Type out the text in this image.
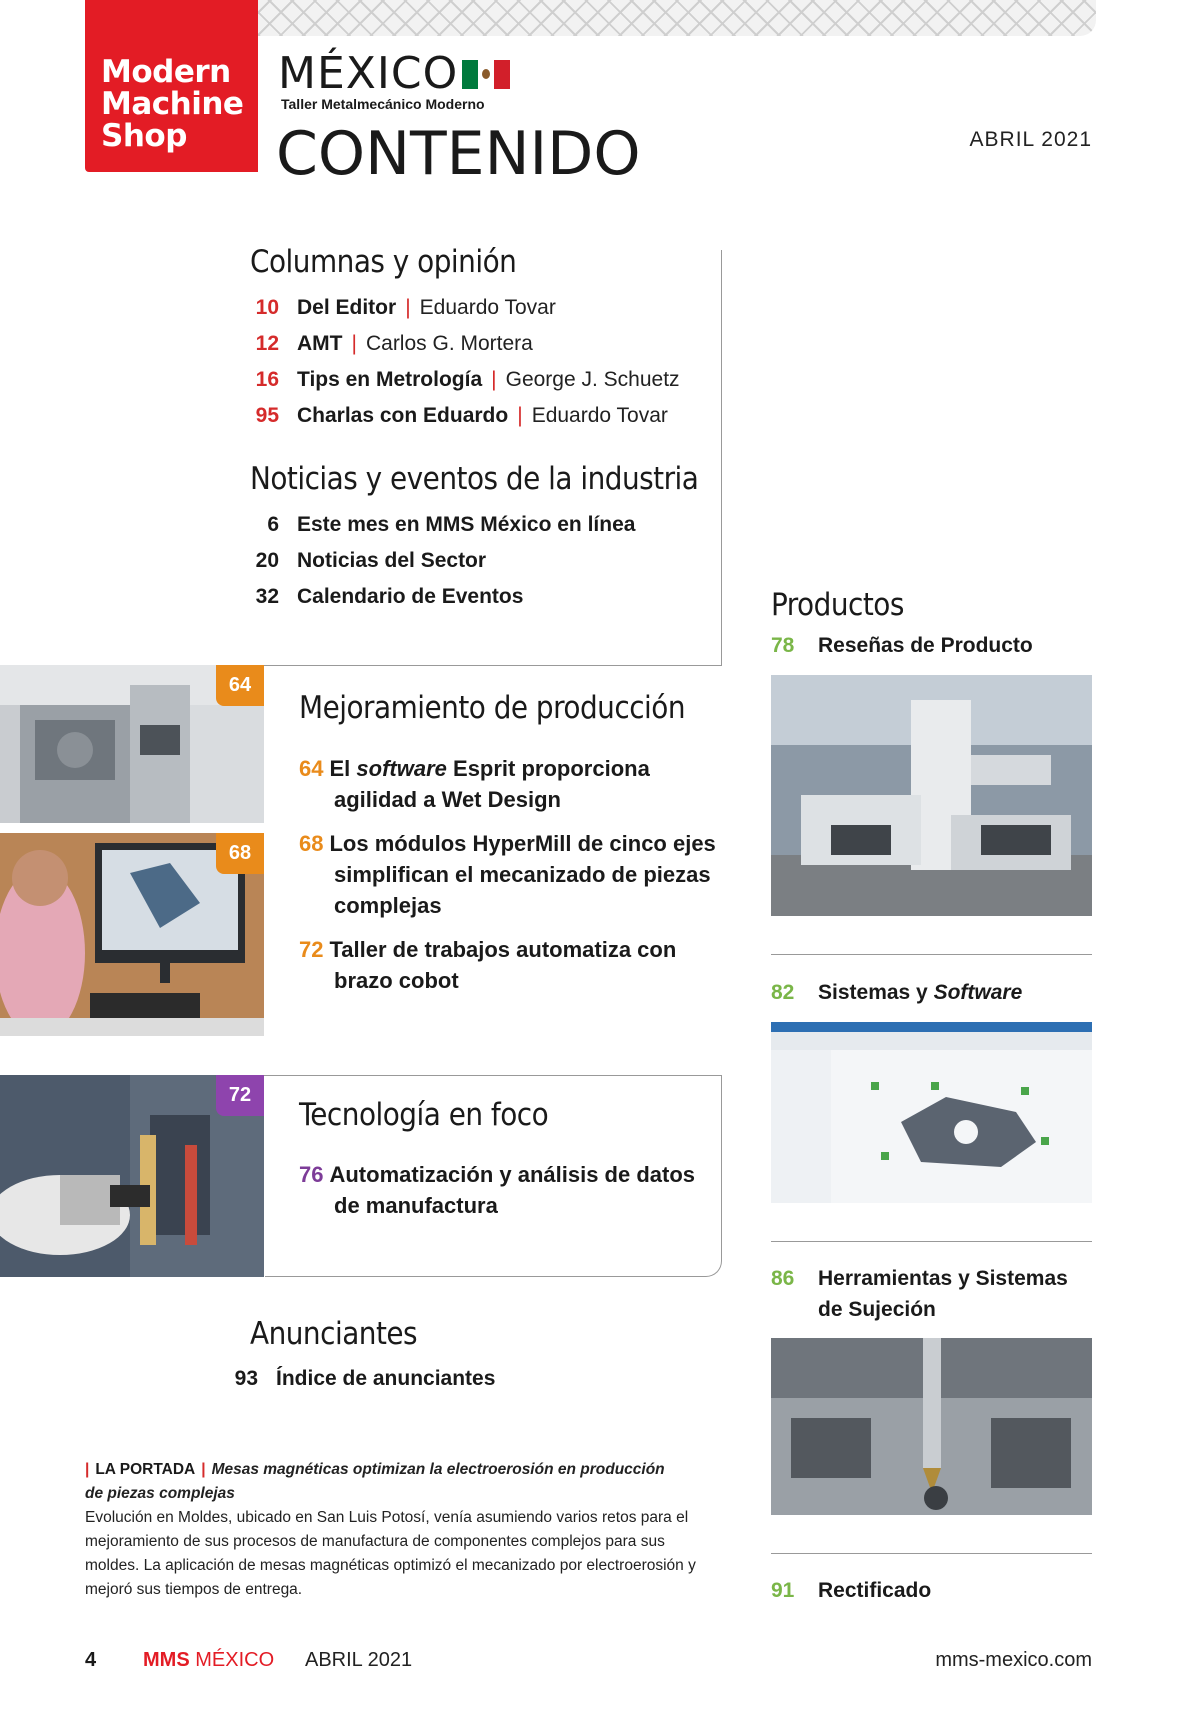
Modern
Machine
Shop
MÉXICO
Taller Metalmecánico Moderno
CONTENIDO	ABRIL 2021
Columnas y opinión
10 Del Editor | Eduardo Tovar
12 AMT | Carlos G. Mortera
16 Tips en Metrología | George J. Schuetz
95 Charlas con Eduardo | Eduardo Tovar
Noticias y eventos de la industria
6 Este mes en MMS México en línea
20 Noticias del Sector
32 Calendario de Eventos
64
68
Mejoramiento de producción
64 El software Esprit proporciona
agilidad a Wet Design
68 Los módulos HyperMill de cinco ejes
simplifican el mecanizado de piezas
complejas
72 Taller de trabajos automatiza con
brazo cobot
72
Tecnología en foco
76 Automatización y análisis de datos
de manufactura
Anunciantes
93 Índice de anunciantes
Productos
78	Reseñas de Producto
82	Sistemas y Software
86	Herramientas y Sistemas
de Sujeción
91	Rectificado
| LA PORTADA | Mesas magnéticas optimizan la electroerosión en producción
de piezas complejas
Evolución en Moldes, ubicado en San Luis Potosí, venía asumiendo varios retos para el mejoramiento de sus procesos de manufactura de componentes complejos para sus moldes. La aplicación de mesas magnéticas optimizó el mecanizado por electroerosión y mejoró sus tiempos de entrega.
4 MMS MÉXICO ABRIL 2021	mms-mexico.com
